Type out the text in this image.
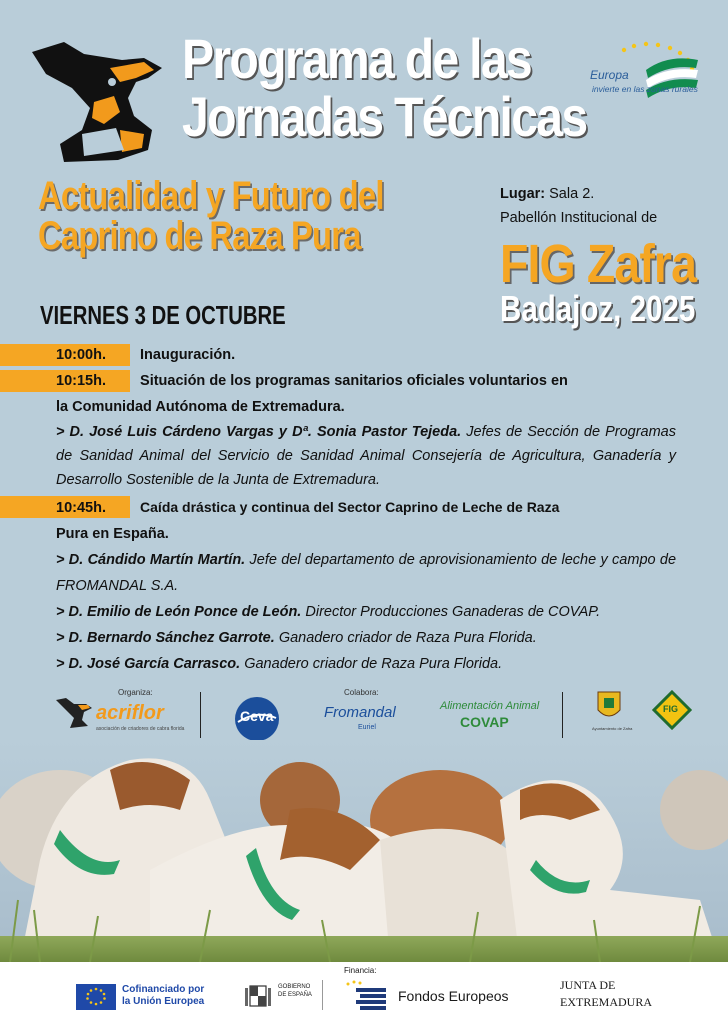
Programa de las
Jornadas Técnicas
Europa
invierte en las zonas rurales
Actualidad y Futuro del
Caprino de Raza Pura
Lugar: Sala 2.
Pabellón Institucional de
FIG Zafra
Badajoz, 2025
VIERNES 3 DE OCTUBRE
10:00h. Inauguración.
10:15h. Situación de los programas sanitarios oficiales voluntarios en
la Comunidad Autónoma de Extremadura.
> D. José Luis Cárdeno Vargas y Dª. Sonia Pastor Tejeda. Jefes de Sección de Programas de Sanidad Animal del Servicio de Sanidad Animal Consejería de Agricultura, Ganadería y Desarrollo Sostenible de la Junta de Extremadura.
10:45h. Caída drástica y continua del Sector Caprino de Leche de Raza
Pura en España.
> D. Cándido Martín Martín. Jefe del departamento de aprovisionamiento de leche y campo de FROMANDAL S.A.
> D. Emilio de León Ponce de León. Director Producciones Ganaderas de COVAP.
> D. Bernardo Sánchez Garrote. Ganadero criador de Raza Pura Florida.
> D. José García Carrasco. Ganadero criador de Raza Pura Florida.
Organiza:
acriflor
asociación de criadores de cabra florida
Ceva
Colabora:
Fromandal
Euriel
Alimentación Animal
COVAP	Ayuntamiento de Zafra
FIG
Cofinanciado por
la Unión Europea
GOBIERNO
DE ESPAÑA
Financia:
Fondos Europeos
JUNTA DE
EXTREMADURA
